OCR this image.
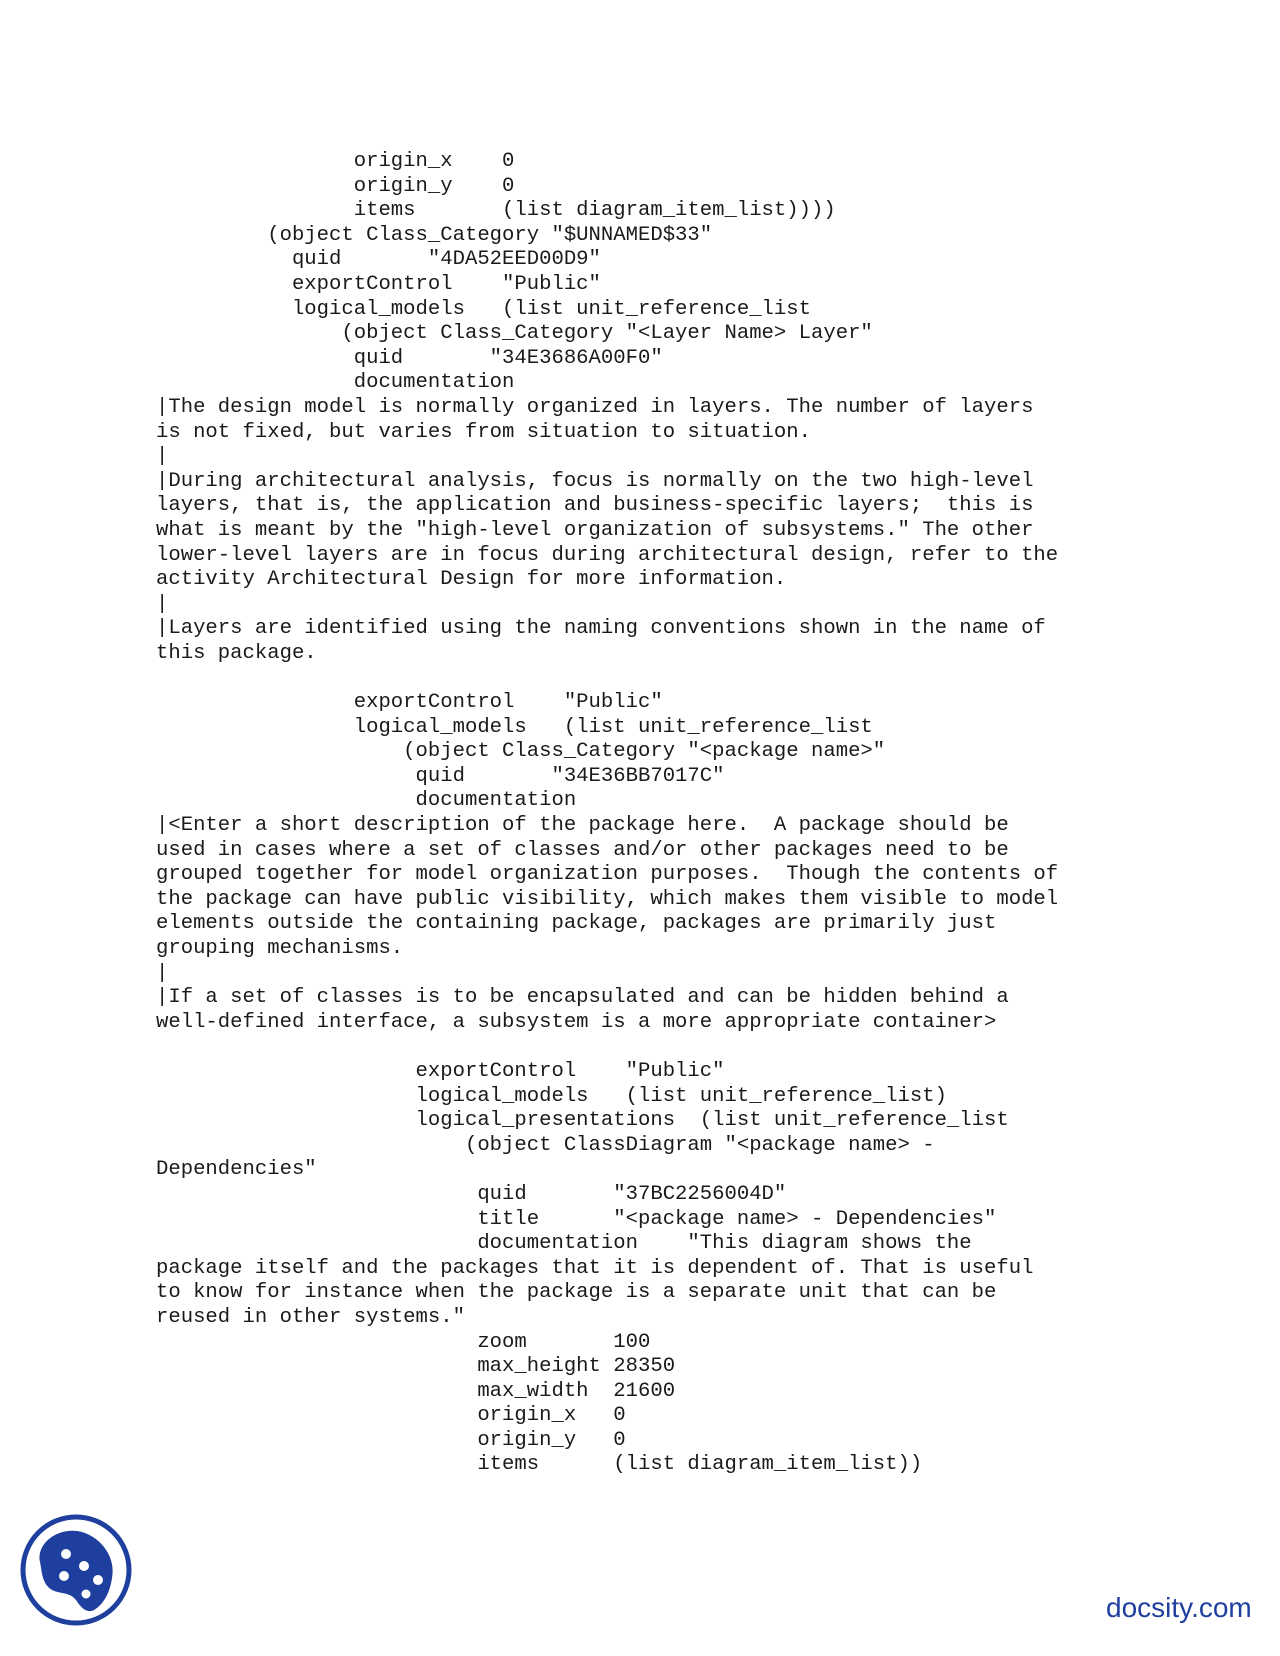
origin_x    0
origin_y    0
items       (list diagram_item_list))))
(object Class_Category "$UNNAMED$33"
quid       "4DA52EED00D9"
exportControl    "Public"
logical_models   (list unit_reference_list
(object Class_Category "<Layer Name> Layer"
quid       "34E3686A00F0"
documentation
|The design model is normally organized in layers. The number of layers
is not fixed, but varies from situation to situation.
|
|During architectural analysis, focus is normally on the two high-level
layers, that is, the application and business-specific layers;  this is
what is meant by the "high-level organization of subsystems." The other
lower-level layers are in focus during architectural design, refer to the
activity Architectural Design for more information.
|
|Layers are identified using the naming conventions shown in the name of
this package.
exportControl    "Public"
logical_models   (list unit_reference_list
(object Class_Category "<package name>"
quid       "34E36BB7017C"
documentation
|<Enter a short description of the package here.  A package should be
used in cases where a set of classes and/or other packages need to be
grouped together for model organization purposes.  Though the contents of
the package can have public visibility, which makes them visible to model
elements outside the containing package, packages are primarily just
grouping mechanisms.
|
|If a set of classes is to be encapsulated and can be hidden behind a
well-defined interface, a subsystem is a more appropriate container>
exportControl    "Public"
logical_models   (list unit_reference_list)
logical_presentations  (list unit_reference_list
(object ClassDiagram "<package name> -
Dependencies"
quid       "37BC2256004D"
title      "<package name> - Dependencies"
documentation    "This diagram shows the
package itself and the packages that it is dependent of. That is useful
to know for instance when the package is a separate unit that can be
reused in other systems."
zoom       100
max_height 28350
max_width  21600
origin_x   0
origin_y   0
items      (list diagram_item_list))
docsity.com
